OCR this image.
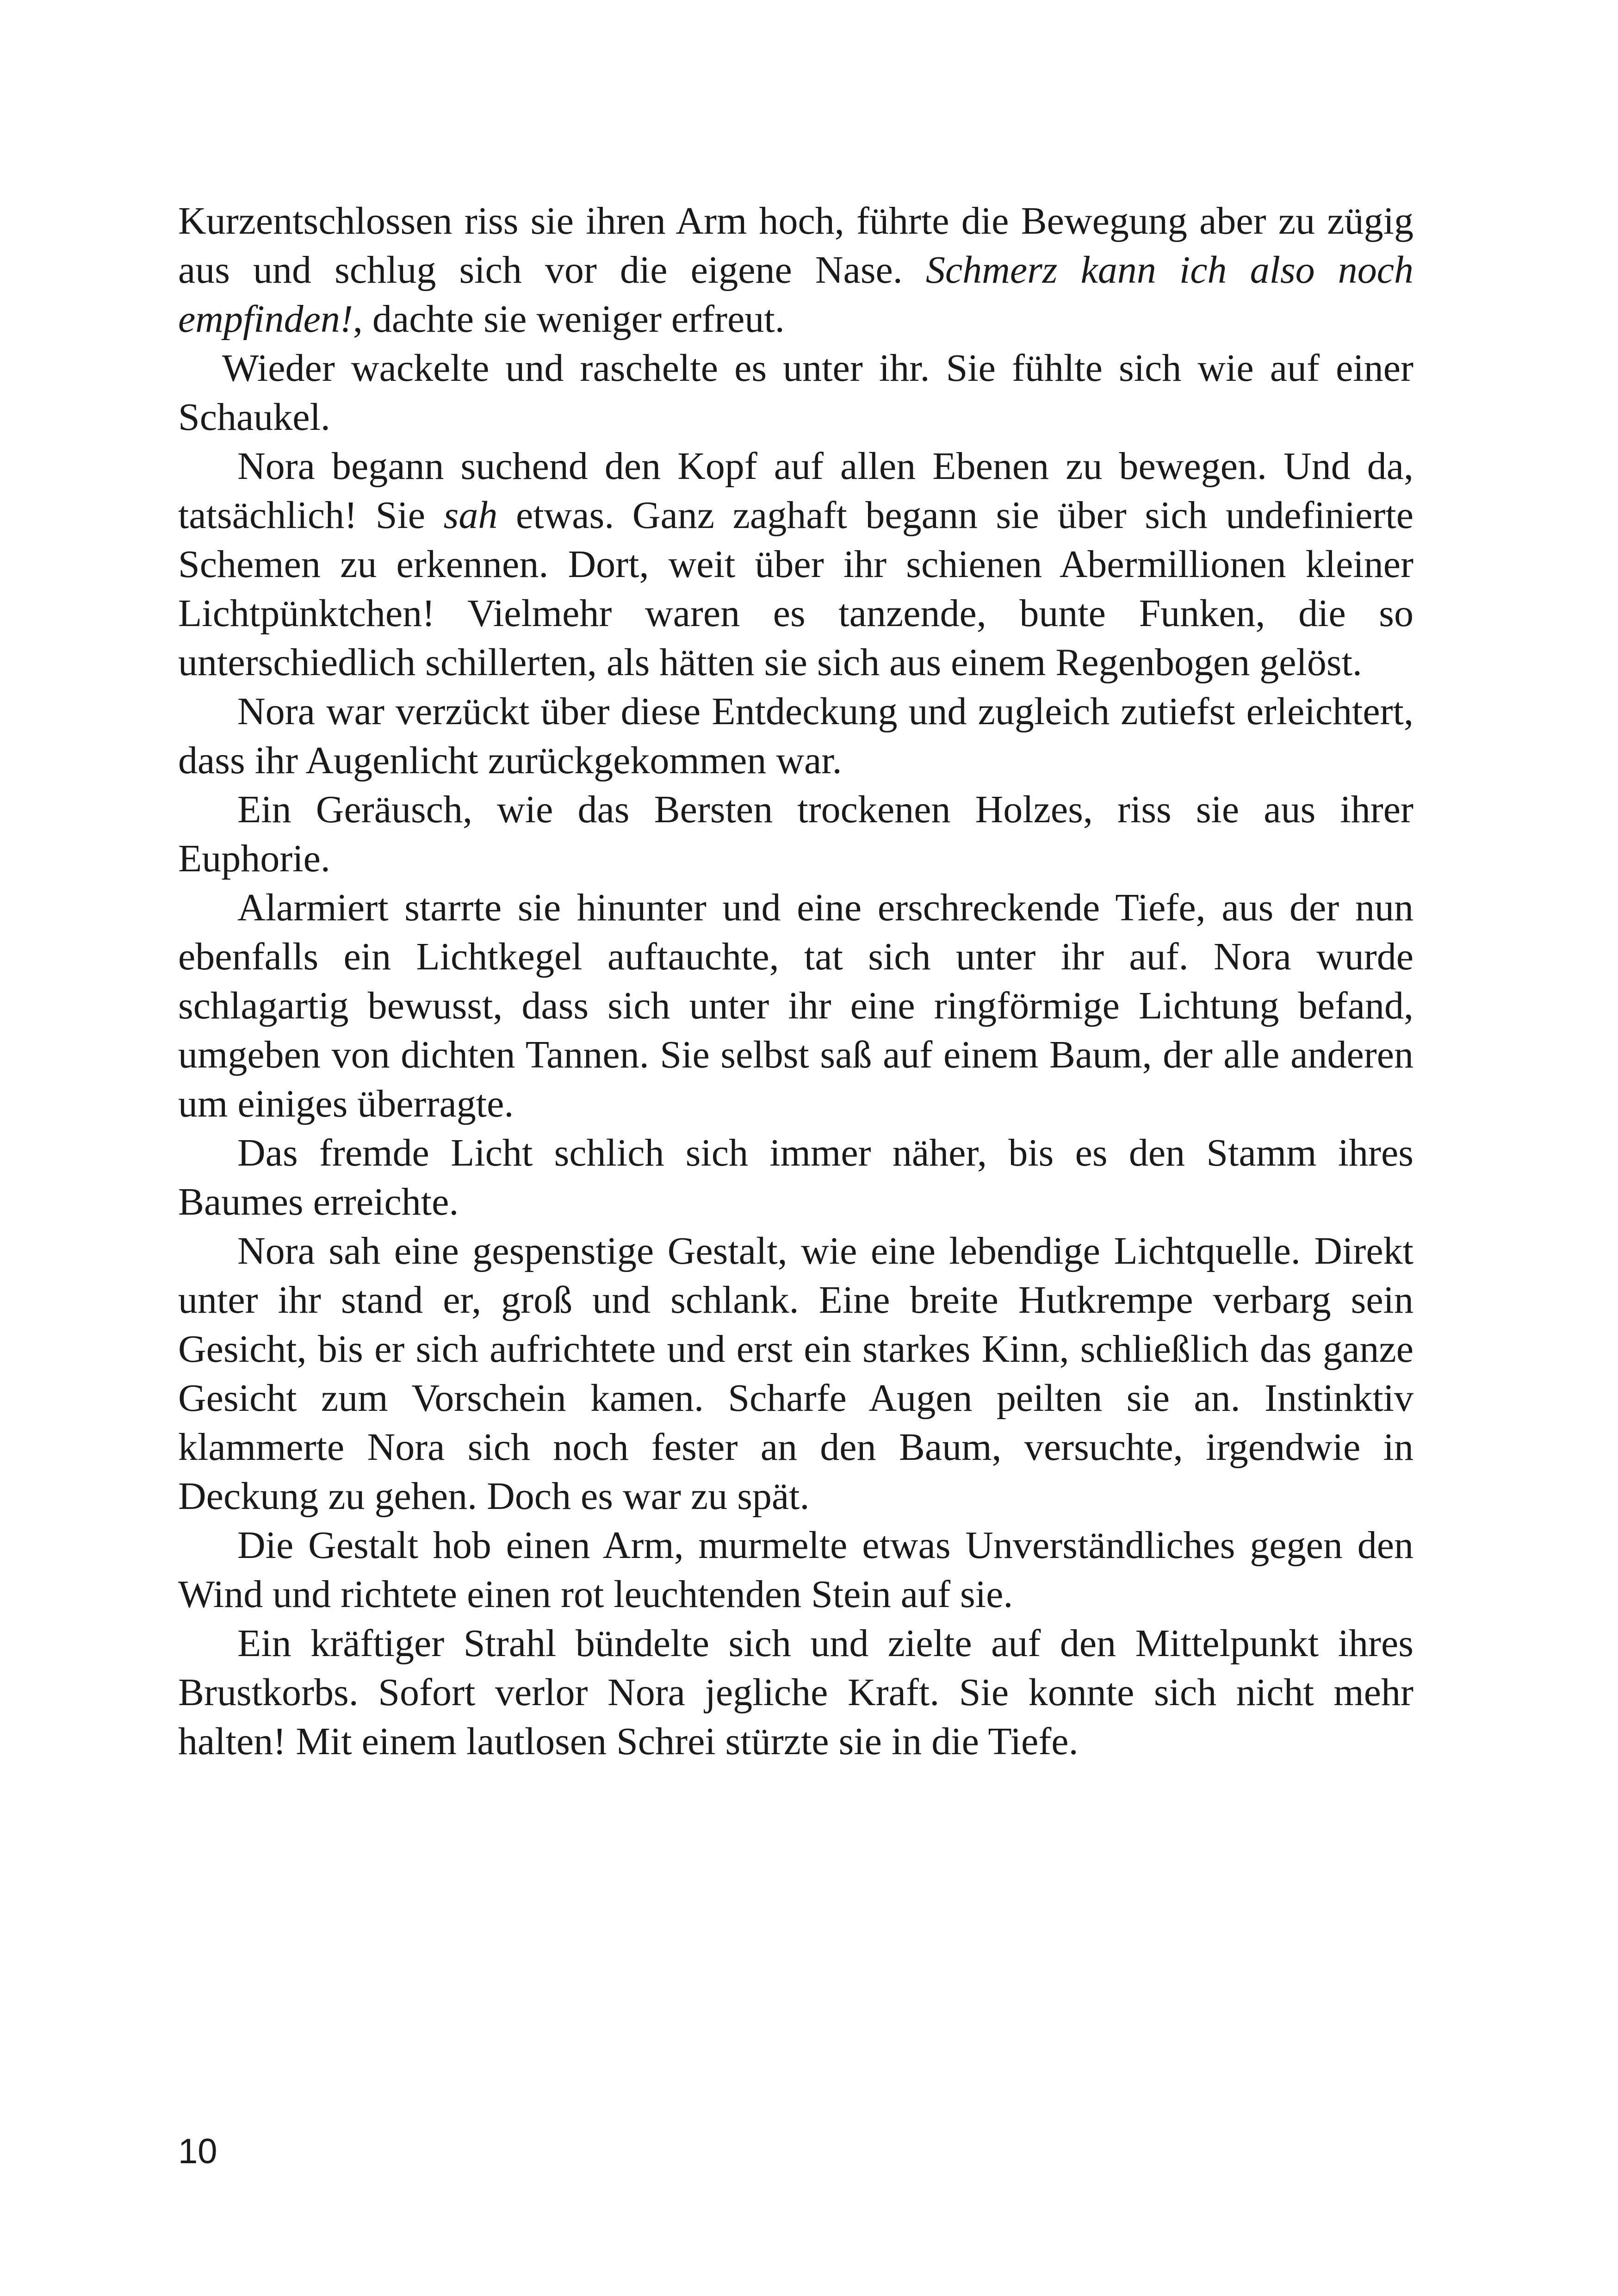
Kurzentschlossen riss sie ihren Arm hoch, führte die Bewegung aber zu zügig aus und schlug sich vor die eigene Nase. Schmerz kann ich also noch empfinden!, dachte sie weniger erfreut.

Wieder wackelte und raschelte es unter ihr. Sie fühlte sich wie auf einer Schaukel.

Nora begann suchend den Kopf auf allen Ebenen zu bewegen. Und da, tatsächlich! Sie sah etwas. Ganz zaghaft begann sie über sich undefinierte Schemen zu erkennen. Dort, weit über ihr schienen Abermillionen kleiner Lichtpünktchen! Vielmehr waren es tanzende, bunte Funken, die so unterschiedlich schillerten, als hätten sie sich aus einem Regenbogen gelöst.

Nora war verzückt über diese Entdeckung und zugleich zutiefst erleichtert, dass ihr Augenlicht zurückgekommen war.

Ein Geräusch, wie das Bersten trockenen Holzes, riss sie aus ihrer Euphorie.

Alarmiert starrte sie hinunter und eine erschreckende Tiefe, aus der nun ebenfalls ein Lichtkegel auftauchte, tat sich unter ihr auf. Nora wurde schlagartig bewusst, dass sich unter ihr eine ringförmige Lichtung befand, umgeben von dichten Tannen. Sie selbst saß auf einem Baum, der alle anderen um einiges überragte.

Das fremde Licht schlich sich immer näher, bis es den Stamm ihres Baumes erreichte.

Nora sah eine gespenstige Gestalt, wie eine lebendige Lichtquelle. Direkt unter ihr stand er, groß und schlank. Eine breite Hutkrempe verbarg sein Gesicht, bis er sich aufrichtete und erst ein starkes Kinn, schließlich das ganze Gesicht zum Vorschein kamen. Scharfe Augen peilten sie an. Instinktiv klammerte Nora sich noch fester an den Baum, versuchte, irgendwie in Deckung zu gehen. Doch es war zu spät.

Die Gestalt hob einen Arm, murmelte etwas Unverständliches gegen den Wind und richtete einen rot leuchtenden Stein auf sie.

Ein kräftiger Strahl bündelte sich und zielte auf den Mittelpunkt ihres Brustkorbs. Sofort verlor Nora jegliche Kraft. Sie konnte sich nicht mehr halten! Mit einem lautlosen Schrei stürzte sie in die Tiefe.

10
